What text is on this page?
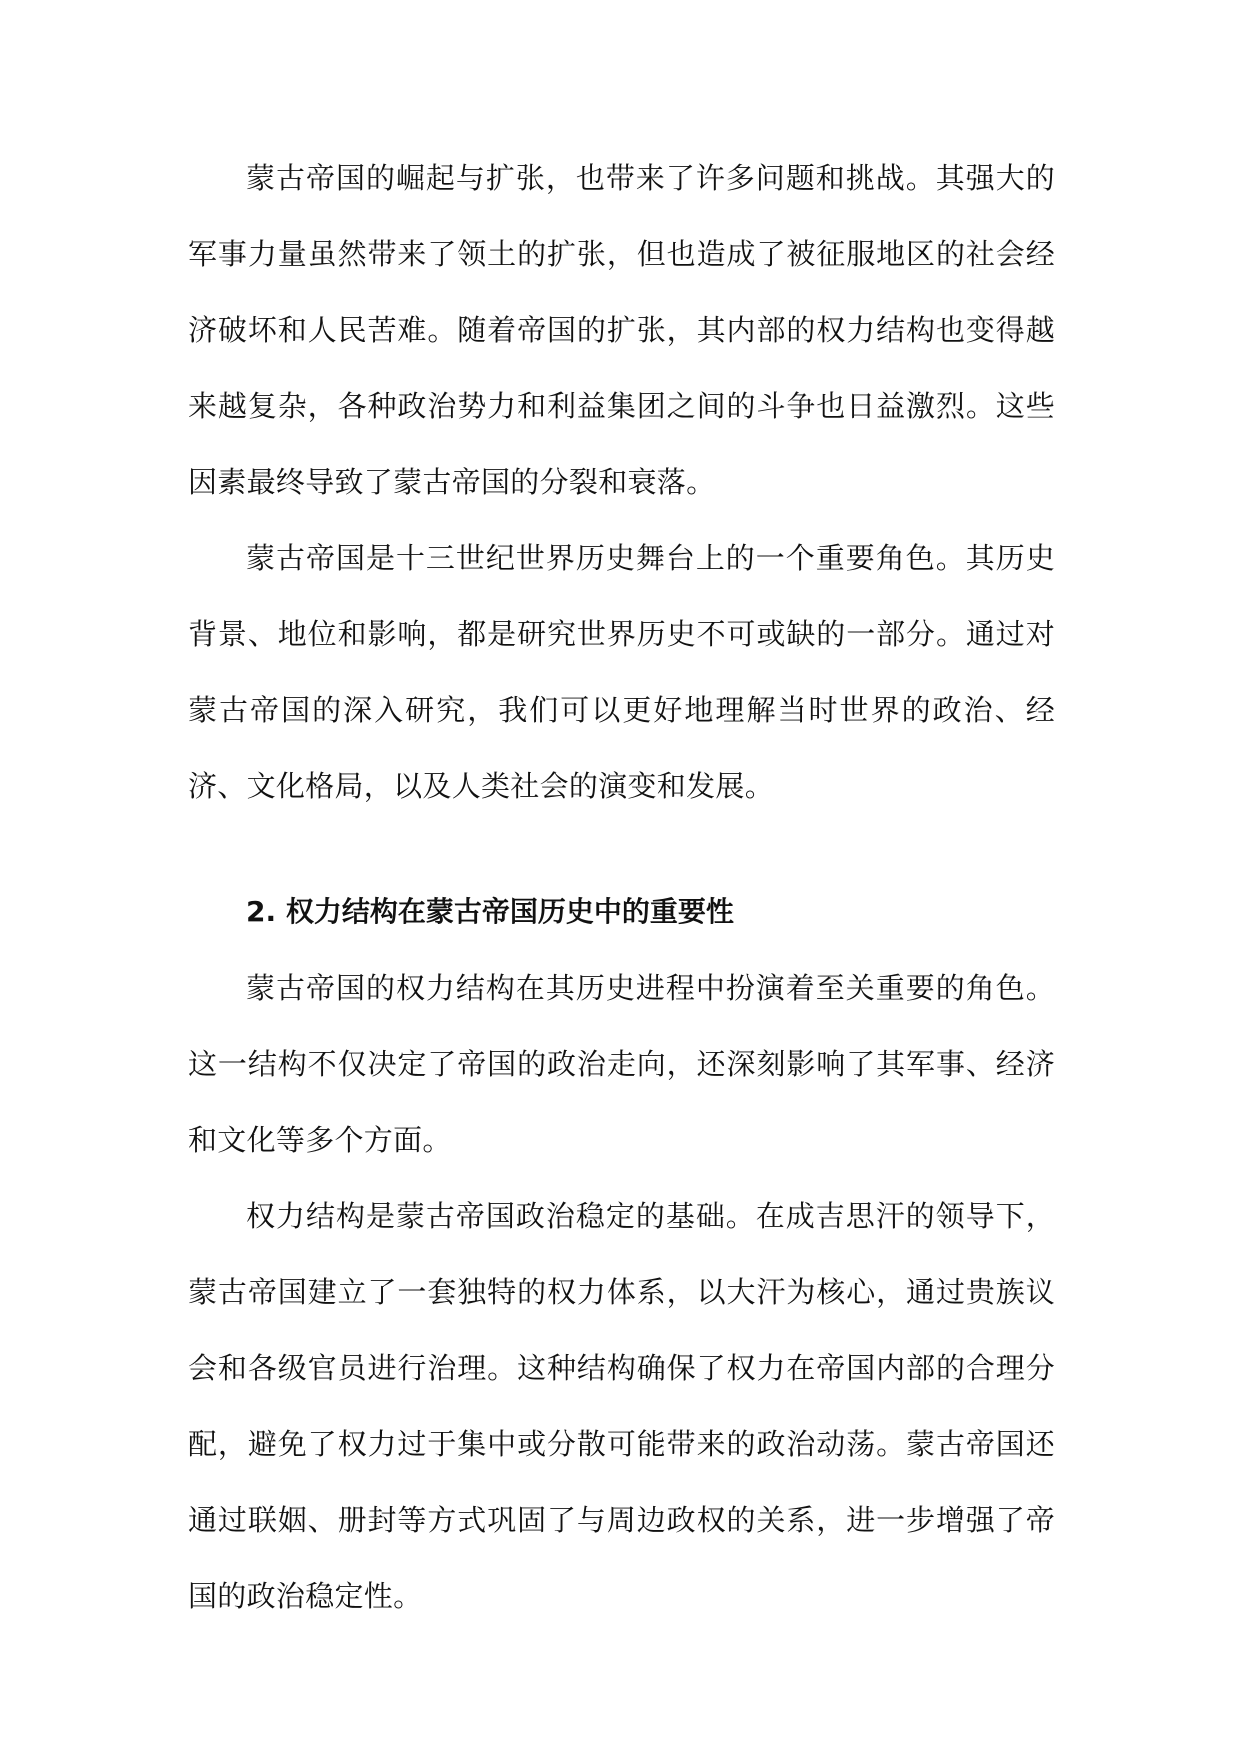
蒙古帝国的崛起与扩张，也带来了许多问题和挑战。其强大的军事力量虽然带来了领土的扩张，但也造成了被征服地区的社会经济破坏和人民苦难。随着帝国的扩张，其内部的权力结构也变得越来越复杂，各种政治势力和利益集团之间的斗争也日益激烈。这些因素最终导致了蒙古帝国的分裂和衰落。

蒙古帝国是十三世纪世界历史舞台上的一个重要角色。其历史背景、地位和影响，都是研究世界历史不可或缺的一部分。通过对蒙古帝国的深入研究，我们可以更好地理解当时世界的政治、经济、文化格局，以及人类社会的演变和发展。

2. 权力结构在蒙古帝国历史中的重要性

蒙古帝国的权力结构在其历史进程中扮演着至关重要的角色。这一结构不仅决定了帝国的政治走向，还深刻影响了其军事、经济和文化等多个方面。

权力结构是蒙古帝国政治稳定的基础。在成吉思汗的领导下，蒙古帝国建立了一套独特的权力体系，以大汗为核心，通过贵族议会和各级官员进行治理。这种结构确保了权力在帝国内部的合理分配，避免了权力过于集中或分散可能带来的政治动荡。蒙古帝国还通过联姻、册封等方式巩固了与周边政权的关系，进一步增强了帝国的政治稳定性。
